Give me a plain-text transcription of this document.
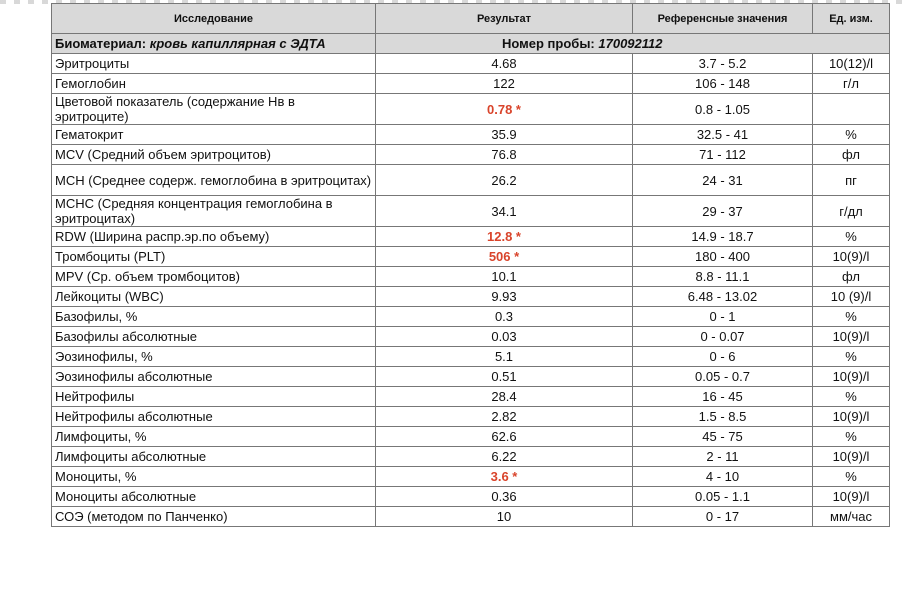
Исследование	Результат	Референсные значения	Ед. изм.
Биоматериал: кровь капиллярная с ЭДТА	Номер пробы: 170092112		
Эритроциты	4.68	3.7 - 5.2	10(12)/l
Гемоглобин	122	106 - 148	г/л
Цветовой показатель (содержание Нв в эритроците)	0.78 *	0.8 - 1.05	
Гематокрит	35.9	32.5 - 41	%
MCV (Средний объем эритроцитов)	76.8	71 - 112	фл
MCH (Среднее содерж. гемоглобина в эритроцитах)	26.2	24 - 31	пг
MCHC (Средняя концентрация гемоглобина в эритроцитах)	34.1	29 - 37	г/дл
RDW (Ширина распр.эр.по объему)	12.8 *	14.9 - 18.7	%
Тромбоциты (PLT)	506 *	180 - 400	10(9)/l
MPV (Ср. объем тромбоцитов)	10.1	8.8 - 11.1	фл
Лейкоциты (WBC)	9.93	6.48 - 13.02	10 (9)/l
Базофилы, %	0.3	0 - 1	%
Базофилы абсолютные	0.03	0 - 0.07	10(9)/l
Эозинофилы, %	5.1	0 - 6	%
Эозинофилы абсолютные	0.51	0.05 - 0.7	10(9)/l
Нейтрофилы	28.4	16 - 45	%
Нейтрофилы абсолютные	2.82	1.5 - 8.5	10(9)/l
Лимфоциты, %	62.6	45 - 75	%
Лимфоциты абсолютные	6.22	2 - 11	10(9)/l
Моноциты, %	3.6 *	4 - 10	%
Моноциты абсолютные	0.36	0.05 - 1.1	10(9)/l
СОЭ (методом по Панченко)	10	0 - 17	мм/час
